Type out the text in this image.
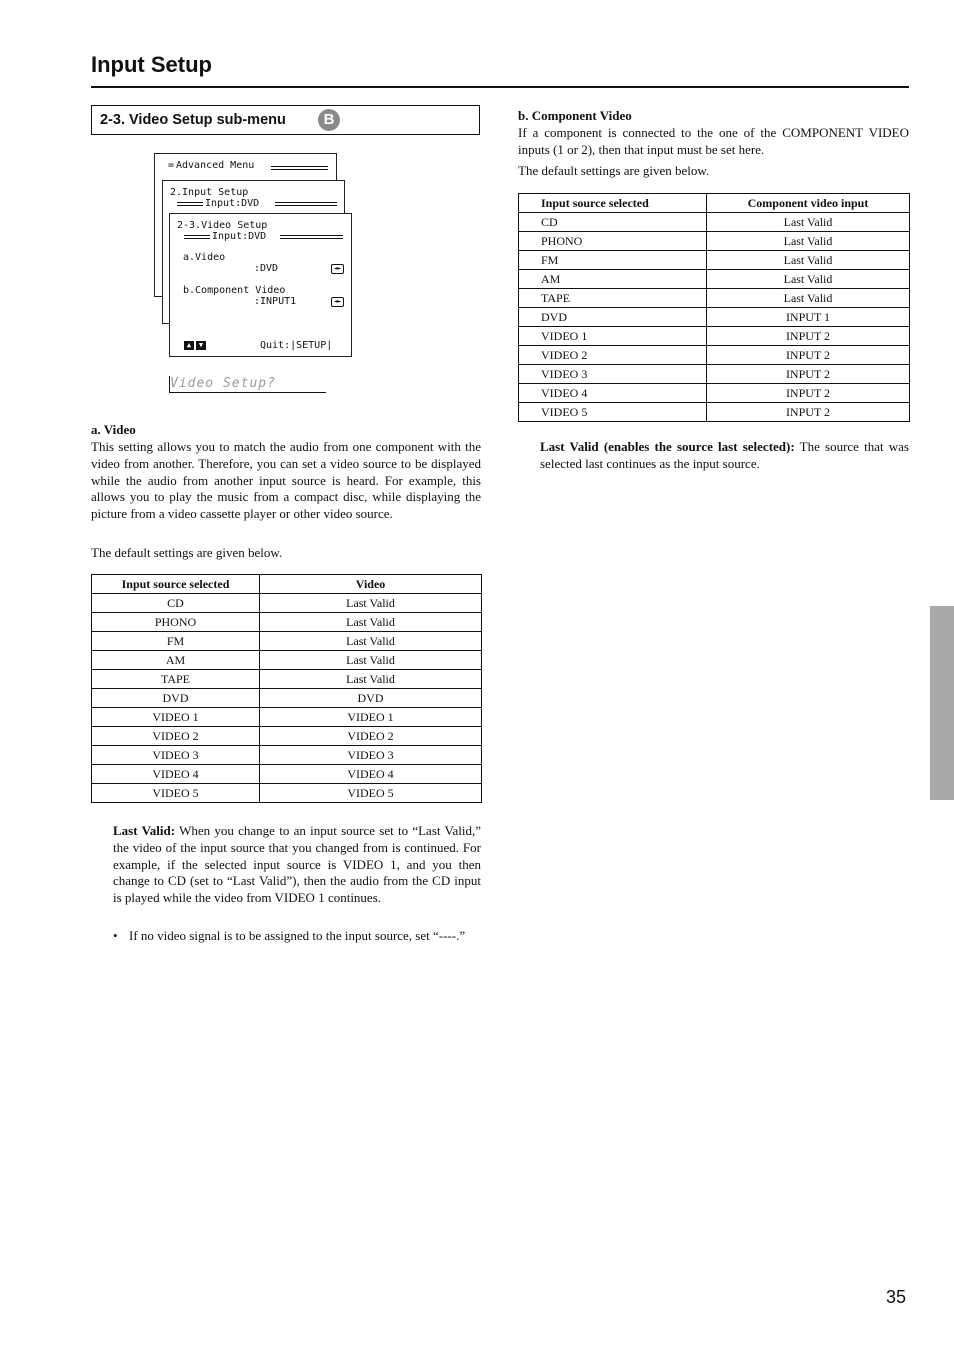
Input Setup
2-3. Video Setup sub-menu	B
= Advanced Menu
2.Input Setup
Input:DVD
2-3.Video Setup
Input:DVD
a.Video
:DVD	◄►
b.Component Video
:INPUT1	◄►
▲	▼	Quit:|SETUP|
Video Setup?
a. Video
This setting allows you to match the audio from one component with the video from another. Therefore, you can set a video source to be displayed while the audio from another input source is heard. For example, this allows you to play the music from a compact disc, while displaying the picture from a video cassette player or other video source.
The default settings are given below.
Input source selected	Video
CD	Last Valid
PHONO	Last Valid
FM	Last Valid
AM	Last Valid
TAPE	Last Valid
DVD	DVD
VIDEO 1	VIDEO 1
VIDEO 2	VIDEO 2
VIDEO 3	VIDEO 3
VIDEO 4	VIDEO 4
VIDEO 5	VIDEO 5
Last Valid: When you change to an input source set to “Last Valid,” the video of the input source that you changed from is continued. For example, if the selected input source is VIDEO 1, and you then change to CD (set to “Last Valid”), then the audio from the CD input is played while the video from VIDEO 1 continues.
• If no video signal is to be assigned to the input source, set “----.”
b. Component Video
If a component is connected to the one of the COMPONENT VIDEO inputs (1 or 2), then that input must be set here.
The default settings are given below.
Input source selected	Component video input
CD	Last Valid
PHONO	Last Valid
FM	Last Valid
AM	Last Valid
TAPE	Last Valid
DVD	INPUT 1
VIDEO 1	INPUT 2
VIDEO 2	INPUT 2
VIDEO 3	INPUT 2
VIDEO 4	INPUT 2
VIDEO 5	INPUT 2
Last Valid (enables the source last selected): The source that was selected last continues as the input source.
35
